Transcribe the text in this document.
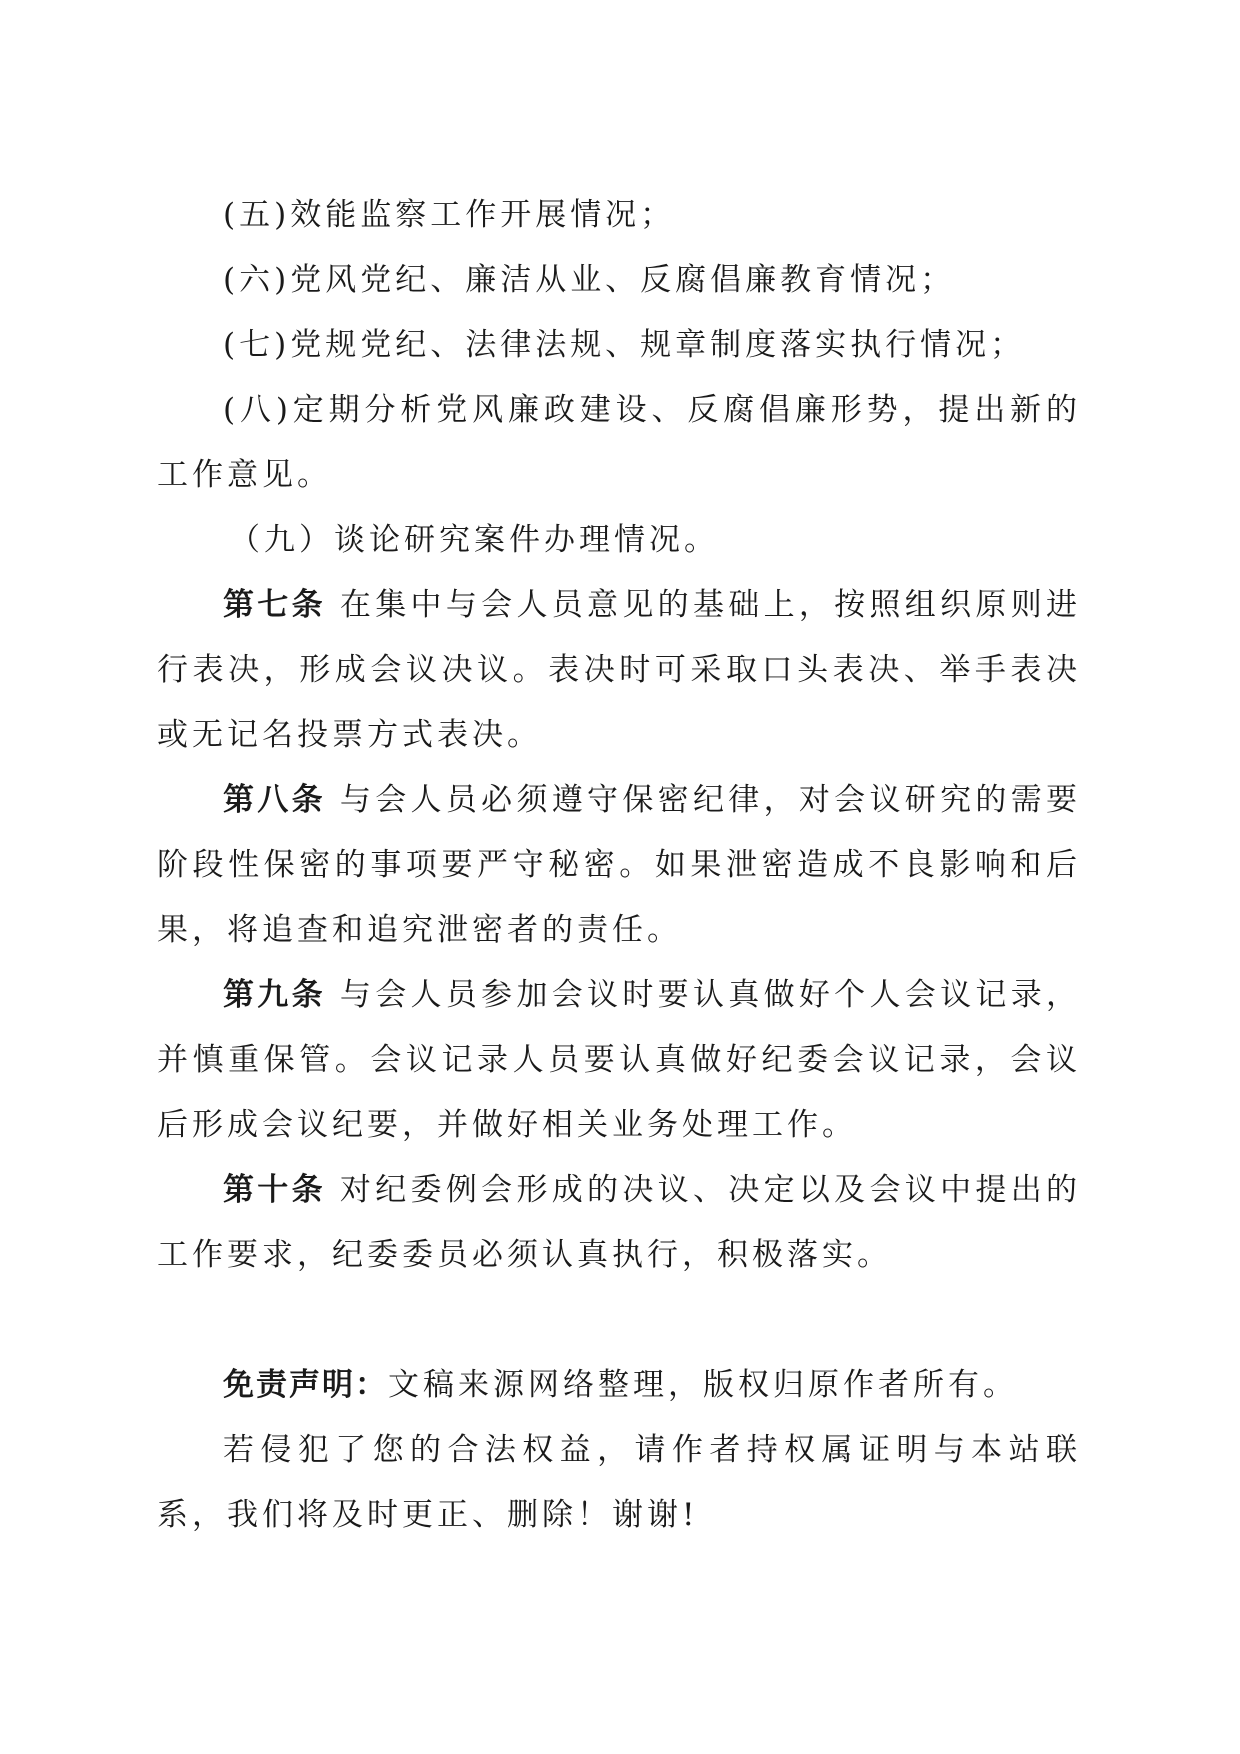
(五)效能监察工作开展情况；

(六)党风党纪、廉洁从业、反腐倡廉教育情况；

(七)党规党纪、法律法规、规章制度落实执行情况；

(八)定期分析党风廉政建设、反腐倡廉形势，提出新的工作意见。

（九）谈论研究案件办理情况。

第七条 在集中与会人员意见的基础上，按照组织原则进行表决，形成会议决议。表决时可采取口头表决、举手表决或无记名投票方式表决。

第八条 与会人员必须遵守保密纪律，对会议研究的需要阶段性保密的事项要严守秘密。如果泄密造成不良影响和后果，将追查和追究泄密者的责任。

第九条 与会人员参加会议时要认真做好个人会议记录，并慎重保管。会议记录人员要认真做好纪委会议记录，会议后形成会议纪要，并做好相关业务处理工作。

第十条 对纪委例会形成的决议、决定以及会议中提出的工作要求，纪委委员必须认真执行，积极落实。

免责声明：文稿来源网络整理，版权归原作者所有。

若侵犯了您的合法权益，请作者持权属证明与本站联系，我们将及时更正、删除！谢谢!
